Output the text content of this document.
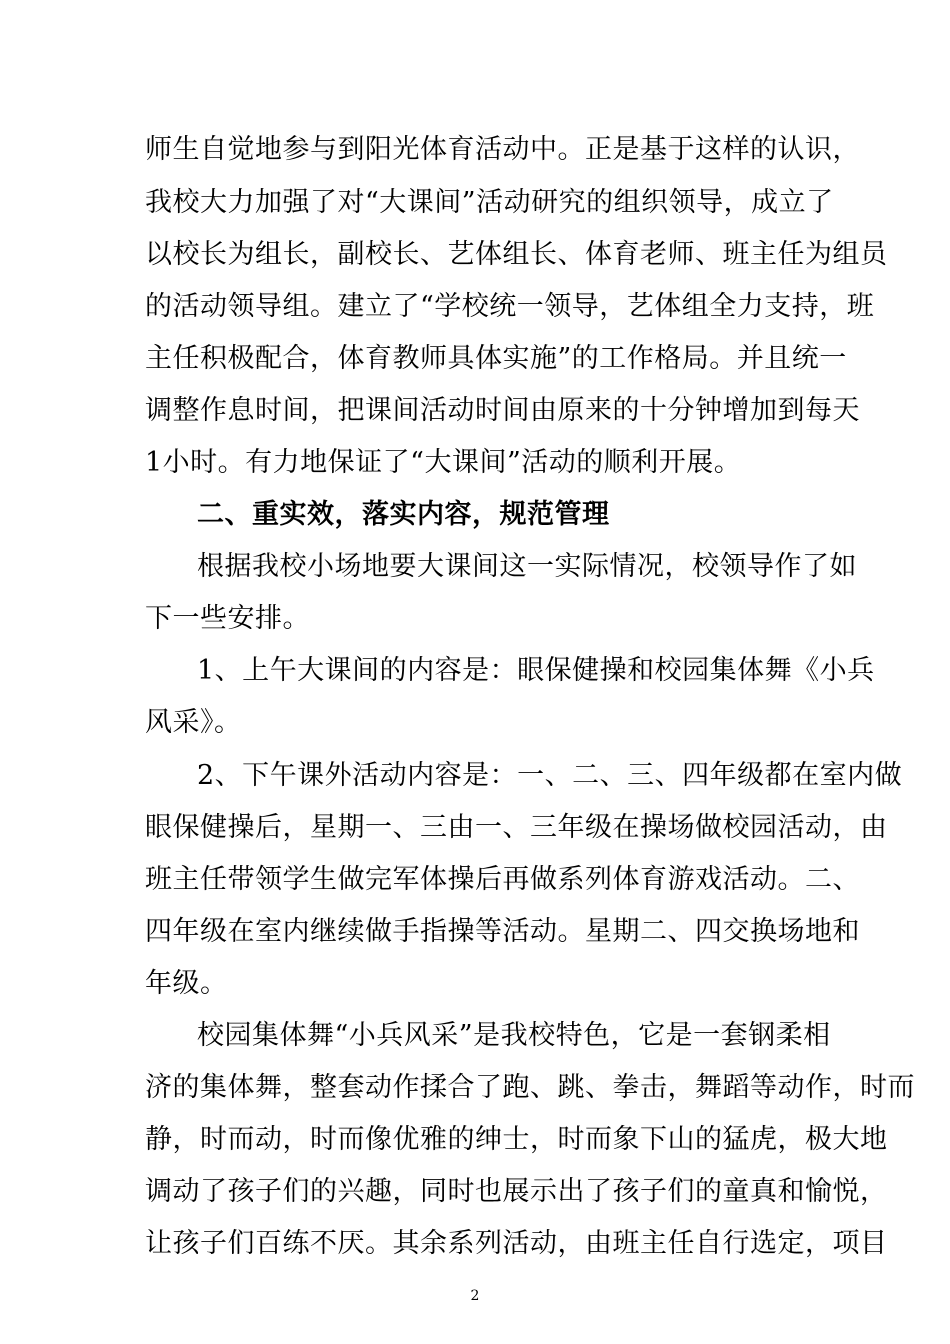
师生自觉地参与到阳光体育活动中。正是基于这样的认识，
我校大力加强了对“大课间”活动研究的组织领导，成立了
以校长为组长，副校长、艺体组长、体育老师、班主任为组员
的活动领导组。建立了“学校统一领导，艺体组全力支持，班
主任积极配合，体育教师具体实施”的工作格局。并且统一
调整作息时间，把课间活动时间由原来的十分钟增加到每天
1小时。有力地保证了“大课间”活动的顺利开展。
二、重实效，落实内容，规范管理
根据我校小场地要大课间这一实际情况，校领导作了如
下一些安排。
1、上午大课间的内容是：眼保健操和校园集体舞《小兵
风采》。
2、下午课外活动内容是：一、二、三、四年级都在室内做
眼保健操后，星期一、三由一、三年级在操场做校园活动，由
班主任带领学生做完军体操后再做系列体育游戏活动。二、
四年级在室内继续做手指操等活动。星期二、四交换场地和
年级。
校园集体舞“小兵风采”是我校特色，它是一套钢柔相
济的集体舞，整套动作揉合了跑、跳、拳击，舞蹈等动作，时而
静，时而动，时而像优雅的绅士，时而象下山的猛虎，极大地
调动了孩子们的兴趣，同时也展示出了孩子们的童真和愉悦，
让孩子们百练不厌。其余系列活动，由班主任自行选定，项目
2
